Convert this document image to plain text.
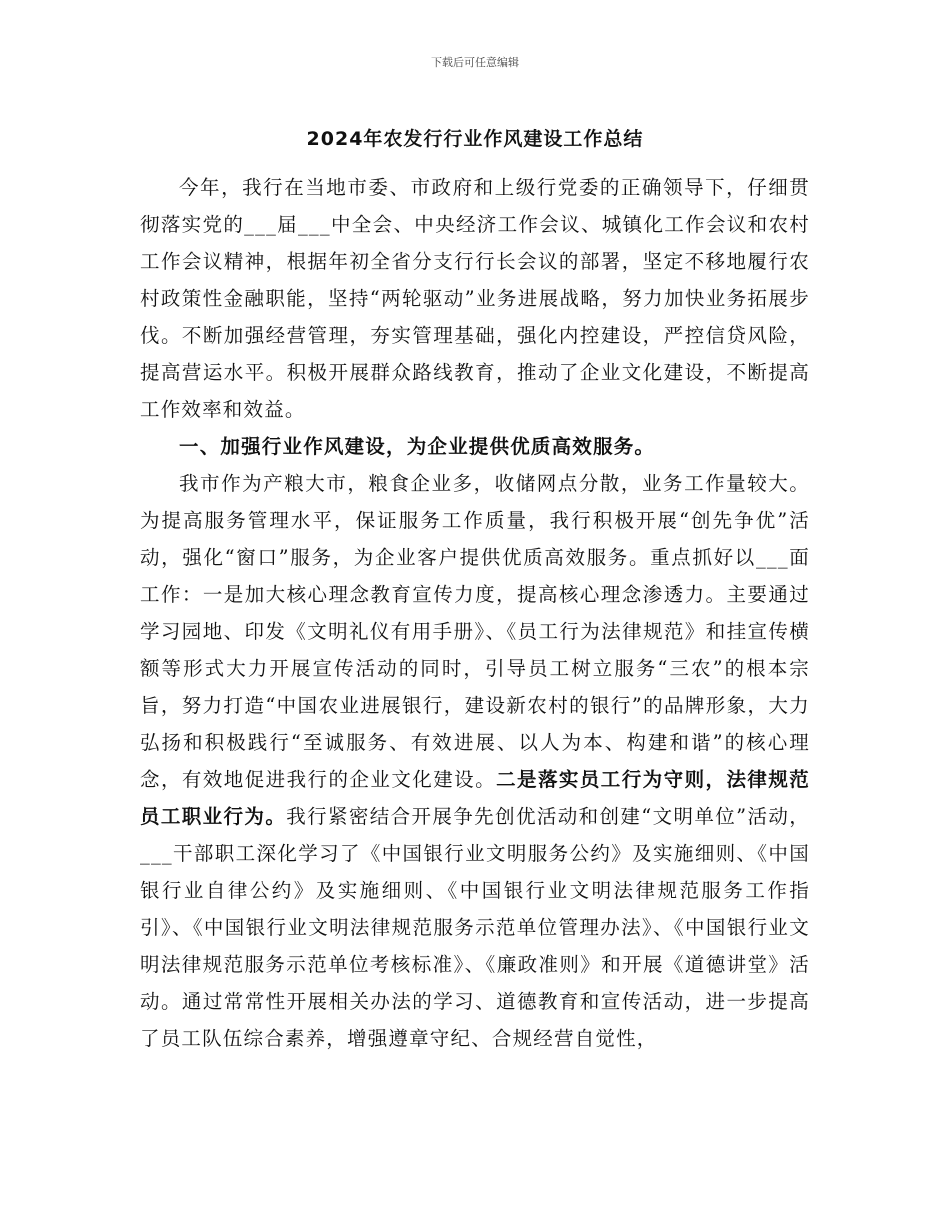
下载后可任意编辑
2024年农发行行业作风建设工作总结

今年，我行在当地市委、市政府和上级行党委的正确领导下，仔细贯彻落实党的___届___中全会、中央经济工作会议、城镇化工作会议和农村工作会议精神，根据年初全省分支行行长会议的部署，坚定不移地履行农村政策性金融职能，坚持“两轮驱动”业务进展战略，努力加快业务拓展步伐。不断加强经营管理，夯实管理基础，强化内控建设，严控信贷风险，提高营运水平。积极开展群众路线教育，推动了企业文化建设，不断提高工作效率和效益。

一、加强行业作风建设，为企业提供优质高效服务。

我市作为产粮大市，粮食企业多，收储网点分散，业务工作量较大。为提高服务管理水平，保证服务工作质量，我行积极开展“创先争优”活动，强化“窗口”服务，为企业客户提供优质高效服务。重点抓好以___面工作：一是加大核心理念教育宣传力度，提高核心理念渗透力。主要通过学习园地、印发《文明礼仪有用手册》、《员工行为法律规范》和挂宣传横额等形式大力开展宣传活动的同时，引导员工树立服务“三农”的根本宗旨，努力打造“中国农业进展银行，建设新农村的银行”的品牌形象，大力弘扬和积极践行“至诚服务、有效进展、以人为本、构建和谐”的核心理念，有效地促进我行的企业文化建设。二是落实员工行为守则，法律规范员工职业行为。我行紧密结合开展争先创优活动和创建“文明单位”活动，___干部职工深化学习了《中国银行业文明服务公约》及实施细则、《中国银行业自律公约》及实施细则、《中国银行业文明法律规范服务工作指引》、《中国银行业文明法律规范服务示范单位管理办法》、《中国银行业文明法律规范服务示范单位考核标准》、《廉政准则》和开展《道德讲堂》活动。通过常常性开展相关办法的学习、道德教育和宣传活动，进一步提高了员工队伍综合素养，增强遵章守纪、合规经营自觉性，
